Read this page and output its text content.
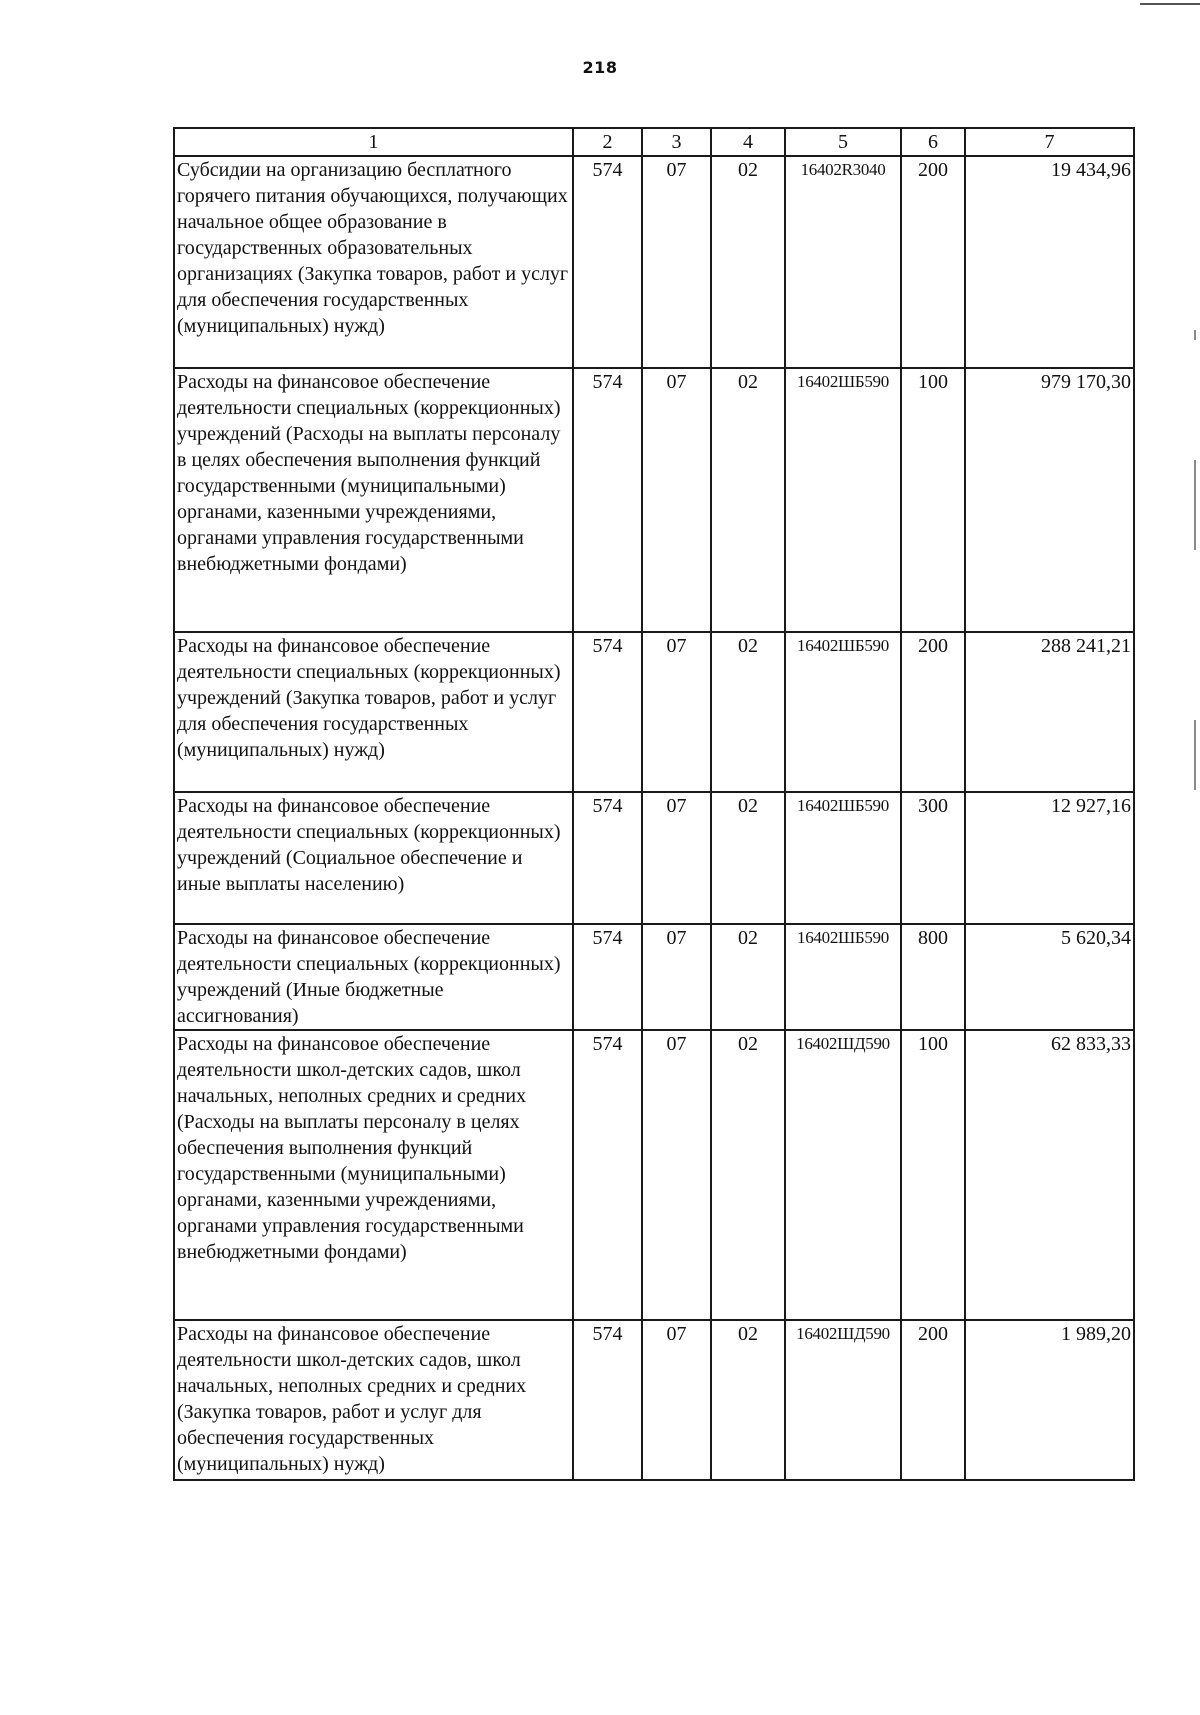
218
1	2	3	4	5	6	7
Субсидии на организацию бесплатного горячего питания обучающихся, получающих начальное общее образование в государственных образовательных организациях (Закупка товаров, работ и услуг для обеспечения государственных (муниципальных) нужд)	574	07	02	16402R3040	200	19 434,96
Расходы на финансовое обеспечение деятельности специальных (коррекционных) учреждений (Расходы на выплаты персоналу в целях обеспечения выполнения функций государственными (муниципальными) органами, казенными учреждениями, органами управления государственными внебюджетными фондами)	574	07	02	16402ШБ590	100	979 170,30
Расходы на финансовое обеспечение деятельности специальных (коррекционных) учреждений (Закупка товаров, работ и услуг для обеспечения государственных (муниципальных) нужд)	574	07	02	16402ШБ590	200	288 241,21
Расходы на финансовое обеспечение деятельности специальных (коррекционных) учреждений (Социальное обеспечение и иные выплаты населению)	574	07	02	16402ШБ590	300	12 927,16
Расходы на финансовое обеспечение деятельности специальных (коррекционных) учреждений (Иные бюджетные ассигнования)	574	07	02	16402ШБ590	800	5 620,34
Расходы на финансовое обеспечение деятельности школ-детских садов, школ начальных, неполных средних и средних (Расходы на выплаты персоналу в целях обеспечения выполнения функций государственными (муниципальными) органами, казенными учреждениями, органами управления государственными внебюджетными фондами)	574	07	02	16402ШД590	100	62 833,33
Расходы на финансовое обеспечение деятельности школ-детских садов, школ начальных, неполных средних и средних (Закупка товаров, работ и услуг для обеспечения государственных (муниципальных) нужд)	574	07	02	16402ШД590	200	1 989,20
